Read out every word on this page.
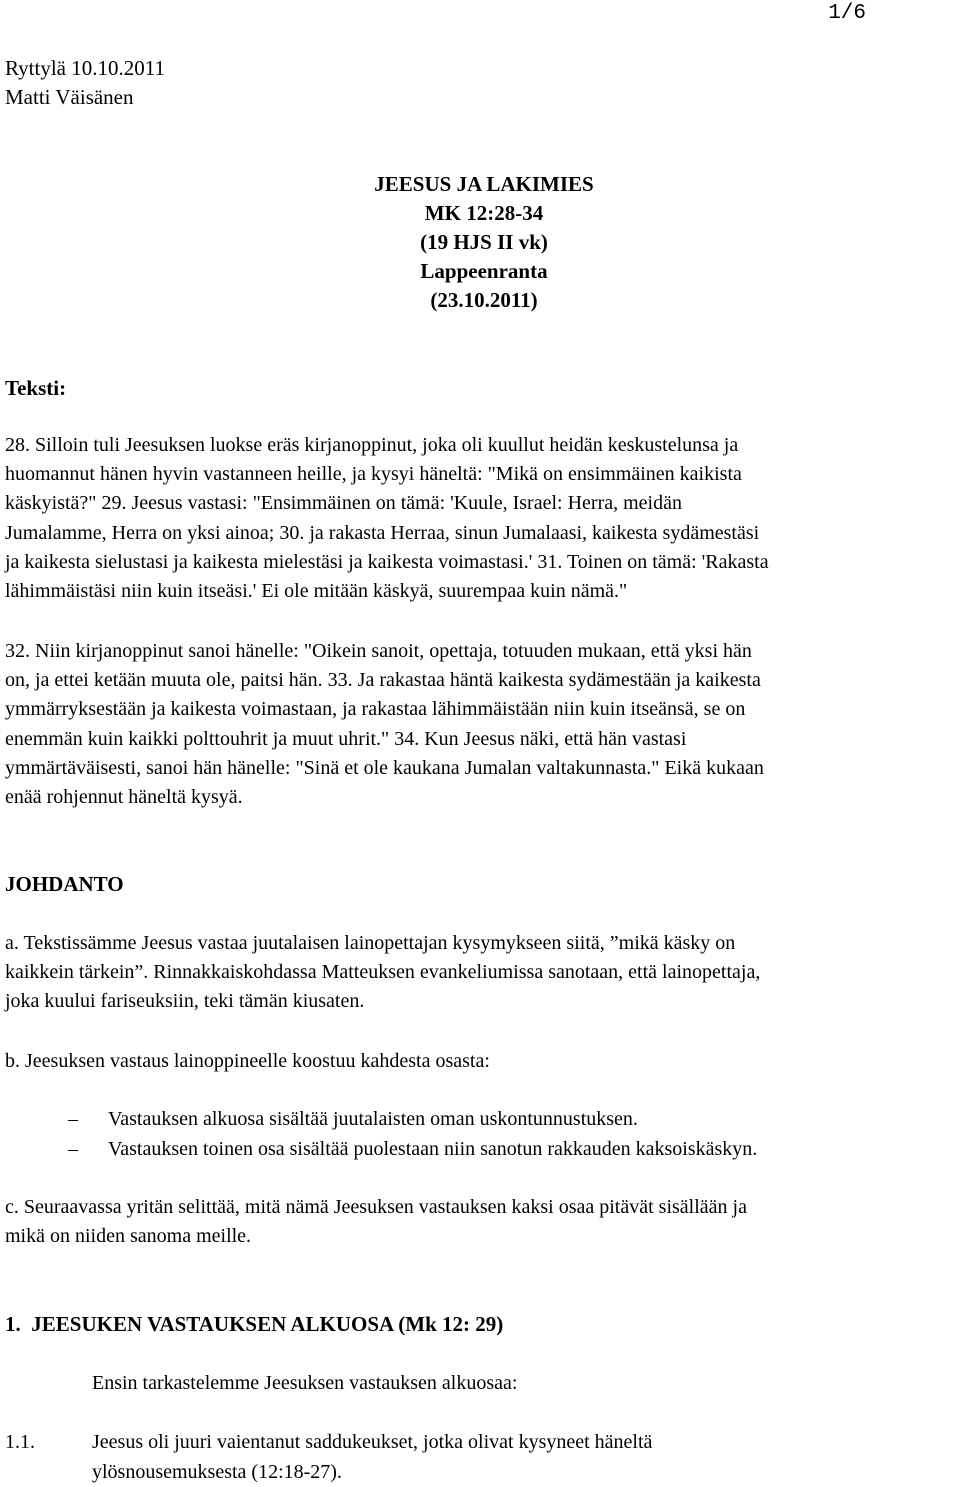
1/6
Ryttylä 10.10.2011
Matti Väisänen
JEESUS JA LAKIMIES
MK 12:28-34
(19 HJS II vk)
Lappeenranta
(23.10.2011)
Teksti:
28. Silloin tuli Jeesuksen luokse eräs kirjanoppinut, joka oli kuullut heidän keskustelunsa ja
huomannut hänen hyvin vastanneen heille, ja kysyi häneltä: "Mikä on ensimmäinen kaikista
käskyistä?" 29. Jeesus vastasi: "Ensimmäinen on tämä: 'Kuule, Israel: Herra, meidän
Jumalamme, Herra on yksi ainoa; 30. ja rakasta Herraa, sinun Jumalaasi, kaikesta sydämestäsi
ja kaikesta sielustasi ja kaikesta mielestäsi ja kaikesta voimastasi.' 31. Toinen on tämä: 'Rakasta
lähimmäistäsi niin kuin itseäsi.' Ei ole mitään käskyä, suurempaa kuin nämä."
32. Niin kirjanoppinut sanoi hänelle: "Oikein sanoit, opettaja, totuuden mukaan, että yksi hän
on, ja ettei ketään muuta ole, paitsi hän. 33. Ja rakastaa häntä kaikesta sydämestään ja kaikesta
ymmärryksestään ja kaikesta voimastaan, ja rakastaa lähimmäistään niin kuin itseänsä, se on
enemmän kuin kaikki polttouhrit ja muut uhrit." 34. Kun Jeesus näki, että hän vastasi
ymmärtäväisesti, sanoi hän hänelle: "Sinä et ole kaukana Jumalan valtakunnasta." Eikä kukaan
enää rohjennut häneltä kysyä.
JOHDANTO
a. Tekstissämme Jeesus vastaa juutalaisen lainopettajan kysymykseen siitä, ”mikä käsky on
kaikkein tärkein”. Rinnakkaiskohdassa Matteuksen evankeliumissa sanotaan, että lainopettaja,
joka kuului fariseuksiin, teki tämän kiusaten.
b. Jeesuksen vastaus lainoppineelle koostuu kahdesta osasta:
– Vastauksen alkuosa sisältää juutalaisten oman uskontunnustuksen.
– Vastauksen toinen osa sisältää puolestaan niin sanotun rakkauden kaksoiskäskyn.
c. Seuraavassa yritän selittää, mitä nämä Jeesuksen vastauksen kaksi osaa pitävät sisällään ja
mikä on niiden sanoma meille.
1.  JEESUKEN VASTAUKSEN ALKUOSA (Mk 12: 29)
Ensin tarkastelemme Jeesuksen vastauksen alkuosaa:
1.1.	Jeesus oli juuri vaientanut saddukeukset, jotka olivat kysyneet häneltä
ylösnousemuksesta (12:18-27).
